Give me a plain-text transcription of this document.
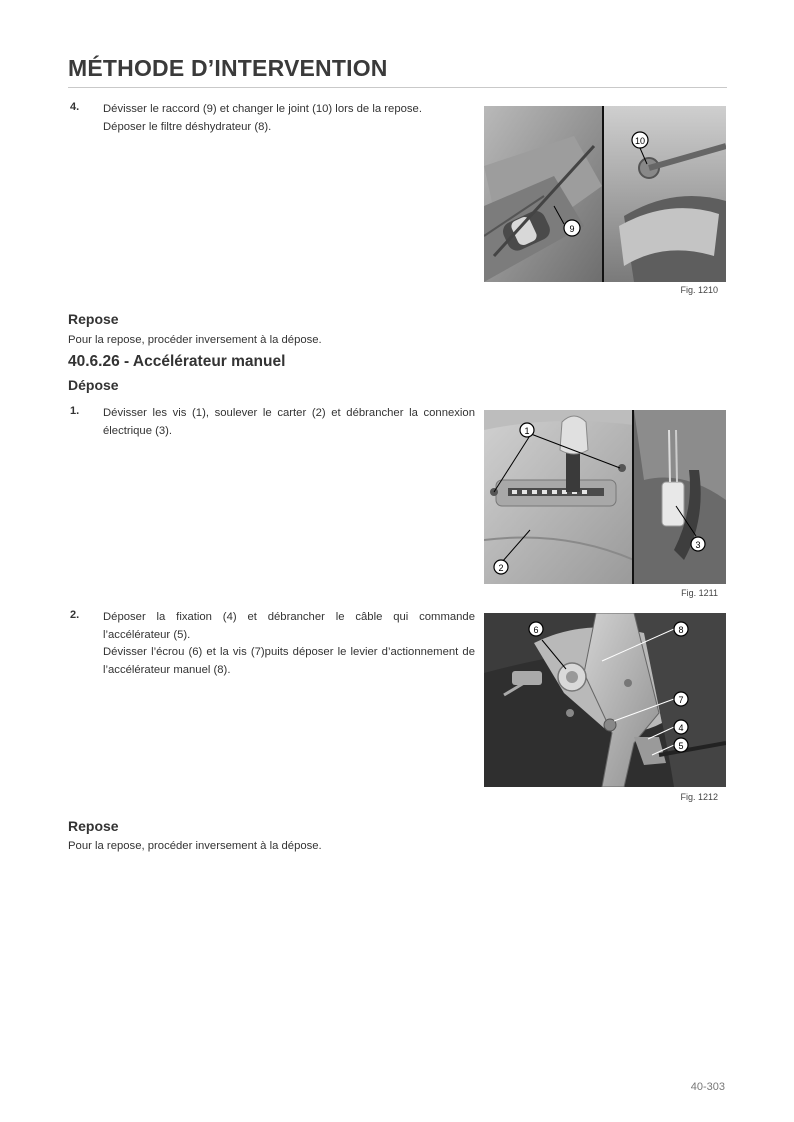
MÉTHODE D’INTERVENTION
4. Dévisser le raccord (9) et changer le joint (10) lors de la repose.

Déposer le filtre déshydrateur (8).

10
9
Fig. 1210
Repose
Pour la repose, procéder inversement à la dépose.
40.6.26 - Accélérateur manuel
Dépose
1. Dévisser les vis (1), soulever le carter (2) et débrancher la connexion électrique (3).	1
2
3
Fig. 1211
2. Déposer la fixation (4) et débrancher le câble qui commande l’accélérateur (5).

Dévisser l’écrou (6) et la vis (7)puits déposer le levier d’actionnement de l’accélérateur manuel (8).

6	8
7
4
5
Fig. 1212
Repose
Pour la repose, procéder inversement à la dépose.
40-303
